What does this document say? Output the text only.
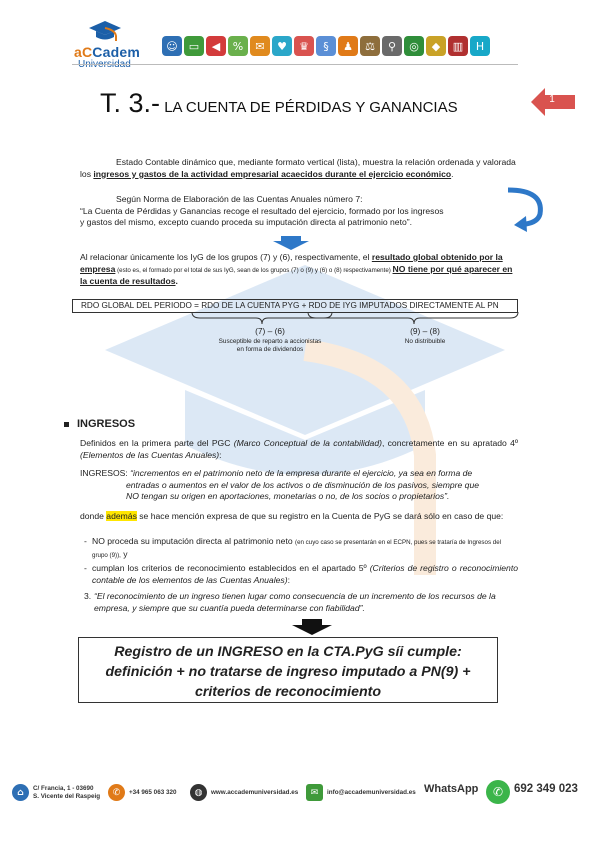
aCCadem	☺	▭	◀	%	✉	♥	♛	§	♟	⚖	⚲	◎	◆	▥	H
T. 3.- LA CUENTA DE PÉRDIDAS Y GANANCIAS	1
Estado Contable dinámico que, mediante formato vertical (lista), muestra la relación ordenada y valorada los ingresos y gastos de la actividad empresarial acaecidos durante el ejercicio económico.
Según Norma de Elaboración de las Cuentas Anuales número 7:
“La Cuenta de Pérdidas y Ganancias recoge el resultado del ejercicio, formado por los ingresos
y gastos del mismo, excepto cuando proceda su imputación directa al patrimonio neto”.
Al relacionar únicamente los IyG de los grupos (7) y (6), respectivamente, el resultado global obtenido por la empresa (esto es, el formado por el total de sus IyG, sean de los grupos (7) o (9) y (6) o (8) respectivamente) NO tiene por qué aparecer en la cuenta de resultados.
RDO GLOBAL DEL PERIODO = RDO DE LA CUENTA PYG + RDO DE IYG IMPUTADOS DIRECTAMENTE AL PN
(7) – (6)
Susceptible de reparto a accionistas
en forma de dividendos
(9) – (8)
No distribuible
INGRESOS
Definidos en la primera parte del PGC (Marco Conceptual de la contabilidad), concretamente en su apratado 4º (Elementos de las Cuentas Anuales):
INGRESOS: “incrementos en el patrimonio neto de la empresa durante el ejercicio, ya sea en forma de
entradas o aumentos en el valor de los activos o de disminución de los pasivos, siempre que
NO tengan su origen en aportaciones, monetarias o no, de los socios o propietarios”.
donde además se hace mención expresa de que su registro en la Cuenta de PyG se dará sólo en caso de que:
- NO proceda su imputación directa al patrimonio neto (en cuyo caso se presentarán en el ECPN, pues se trataría de Ingresos del grupo (9)), y
- cumplan los criterios de reconocimiento establecidos en el apartado 5º (Criterios de registro o reconocimiento contable de los elementos de las Cuentas Anuales):
3. “El reconocimiento de un ingreso tienen lugar como consecuencia de un incremento de los recursos de la empresa, y siempre que su cuantía pueda determinarse con fiabilidad”.
Registro de un INGRESO en la CTA.PyG síi cumple:
definición + no tratarse de ingreso imputado a PN(9) +
criterios de reconocimiento
⌂	C/ Francia, 1 - 03690
S. Vicente del Raspeig	✆	+34 965 063 320	◍	www.accademuniversidad.es	✉	info@accademuniversidad.es WhatsApp	✆ 692 349 023
